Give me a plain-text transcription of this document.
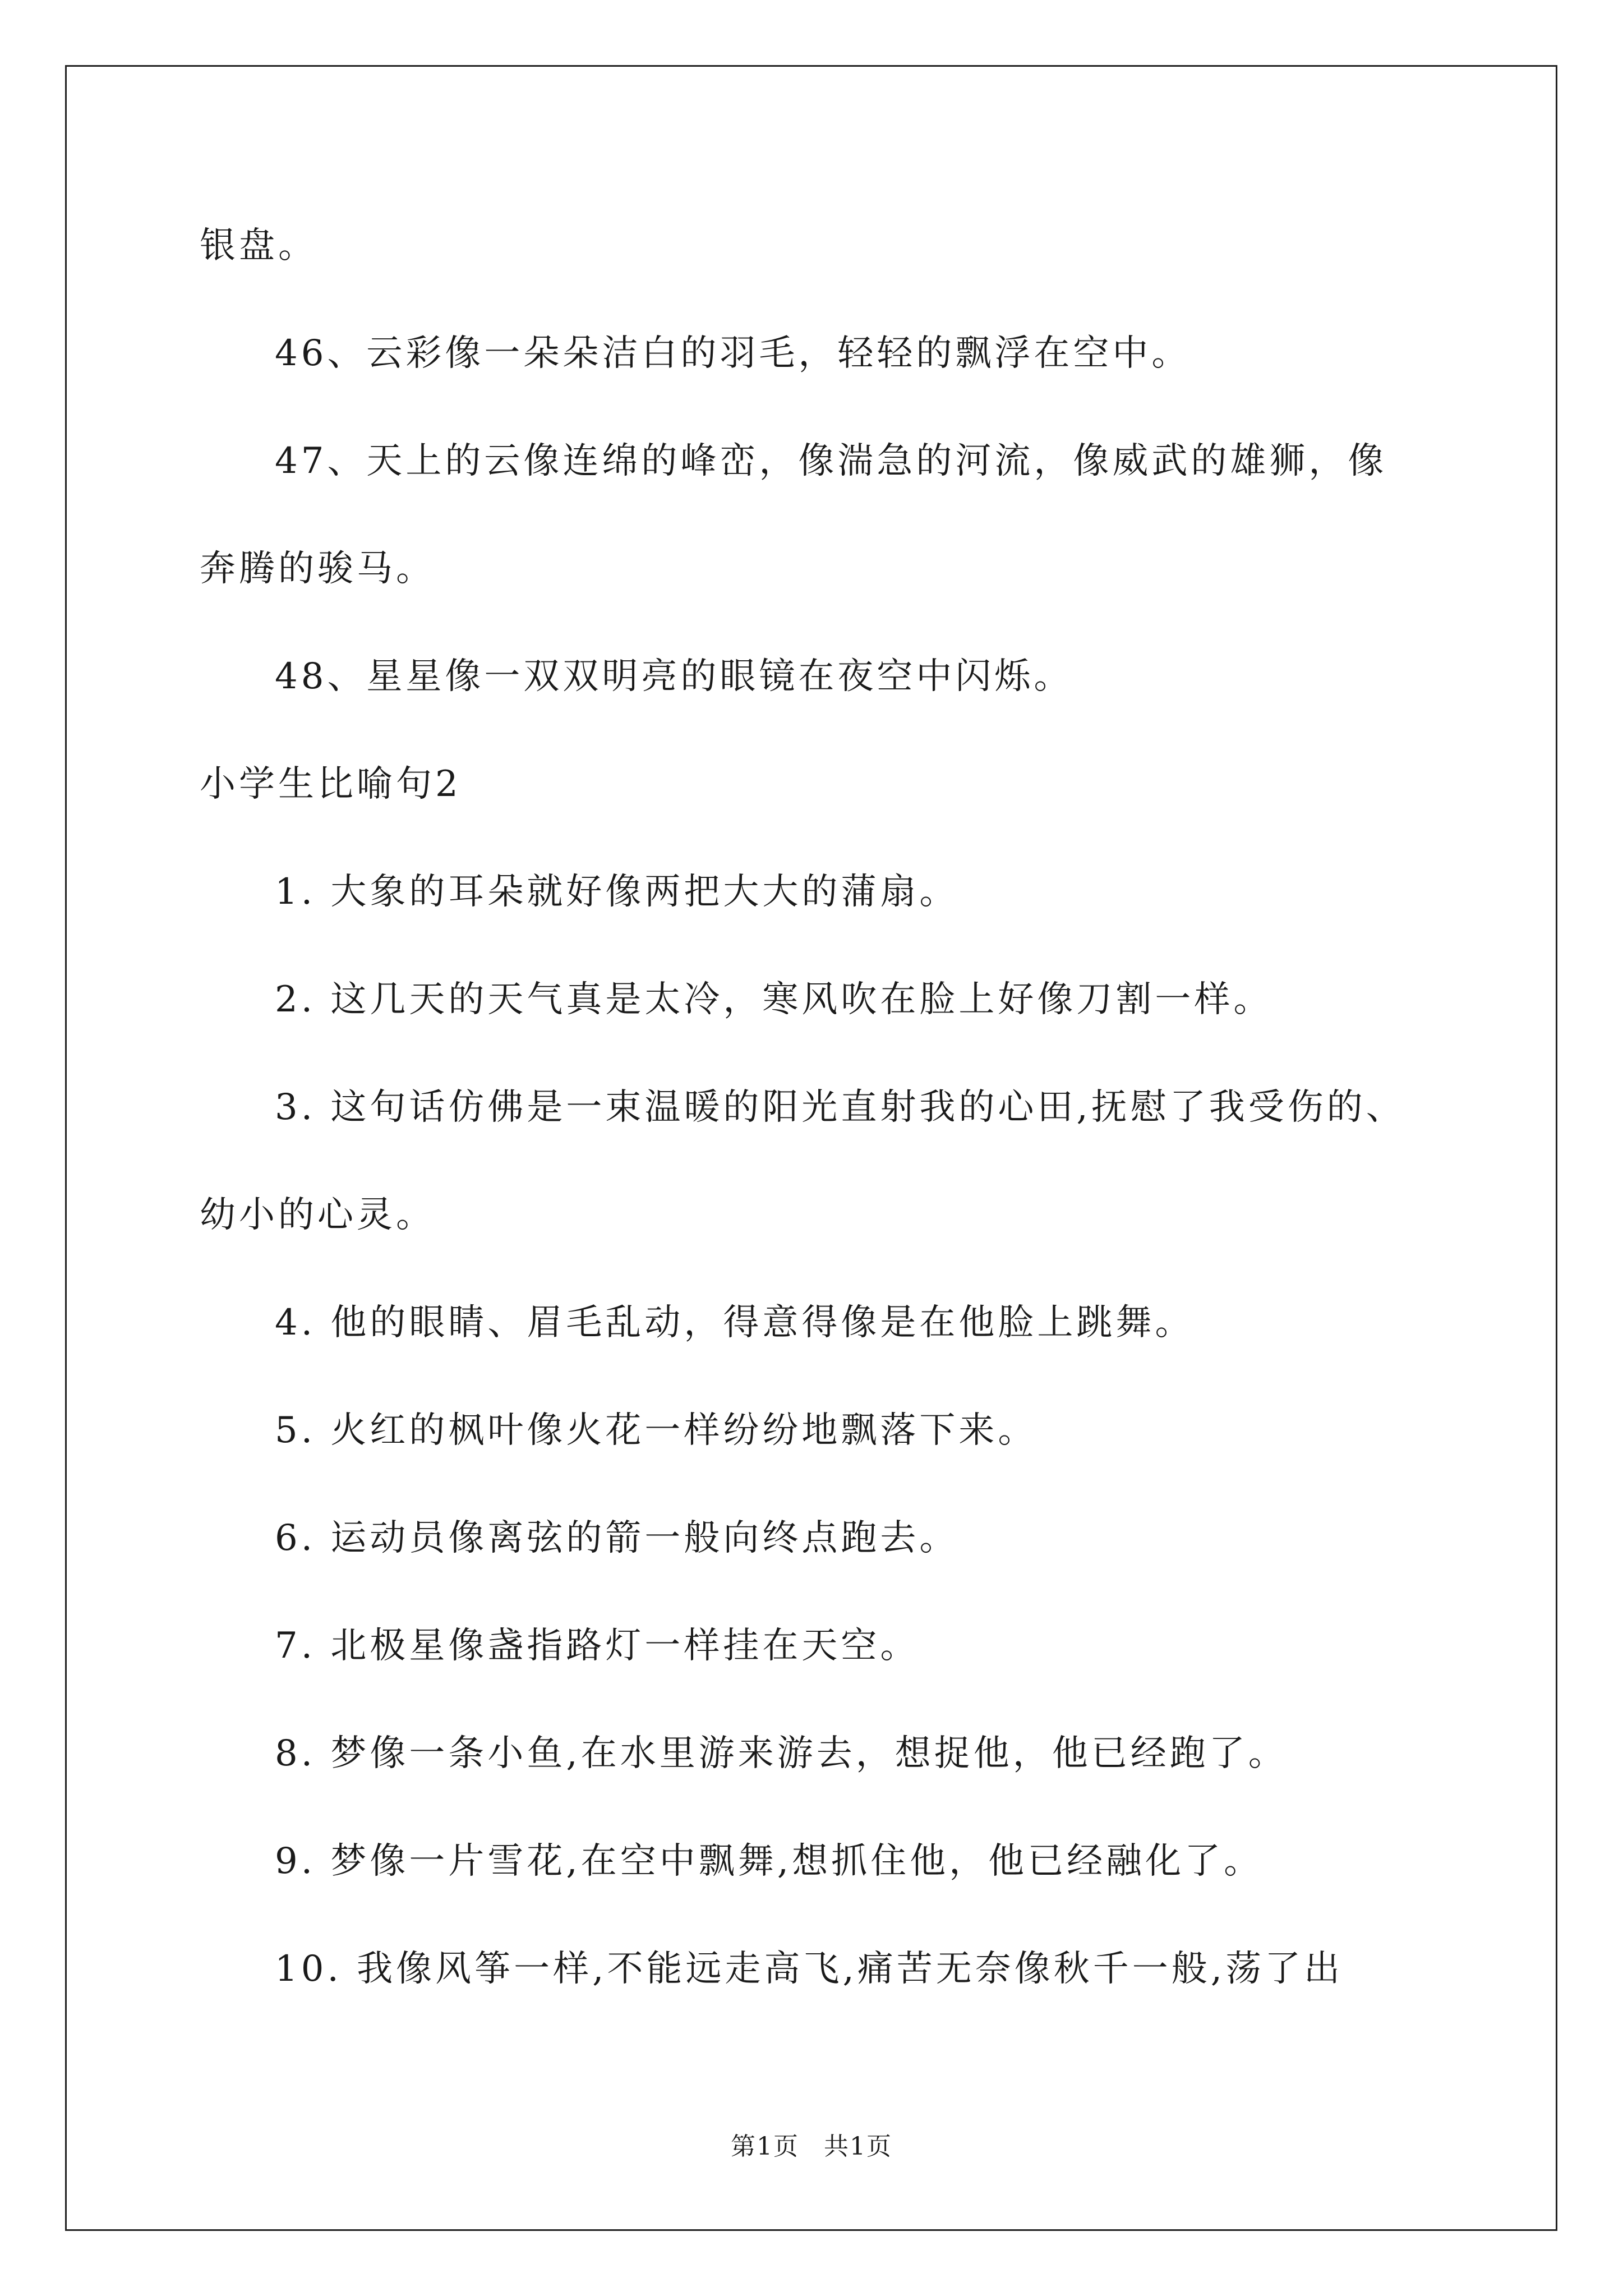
银盘。
46、云彩像一朵朵洁白的羽毛，轻轻的飘浮在空中。
47、天上的云像连绵的峰峦，像湍急的河流，像威武的雄狮，像
奔腾的骏马。
48、星星像一双双明亮的眼镜在夜空中闪烁。
小学生比喻句2
1. 大象的耳朵就好像两把大大的蒲扇。
2. 这几天的天气真是太冷，寒风吹在脸上好像刀割一样。
3. 这句话仿佛是一束温暖的阳光直射我的心田,抚慰了我受伤的、
幼小的心灵。
4. 他的眼睛、眉毛乱动，得意得像是在他脸上跳舞。
5. 火红的枫叶像火花一样纷纷地飘落下来。
6. 运动员像离弦的箭一般向终点跑去。
7. 北极星像盏指路灯一样挂在天空。
8. 梦像一条小鱼,在水里游来游去，想捉他，他已经跑了。
9. 梦像一片雪花,在空中飘舞,想抓住他，他已经融化了。
10. 我像风筝一样,不能远走高飞,痛苦无奈像秋千一般,荡了出
第1页 共1页
